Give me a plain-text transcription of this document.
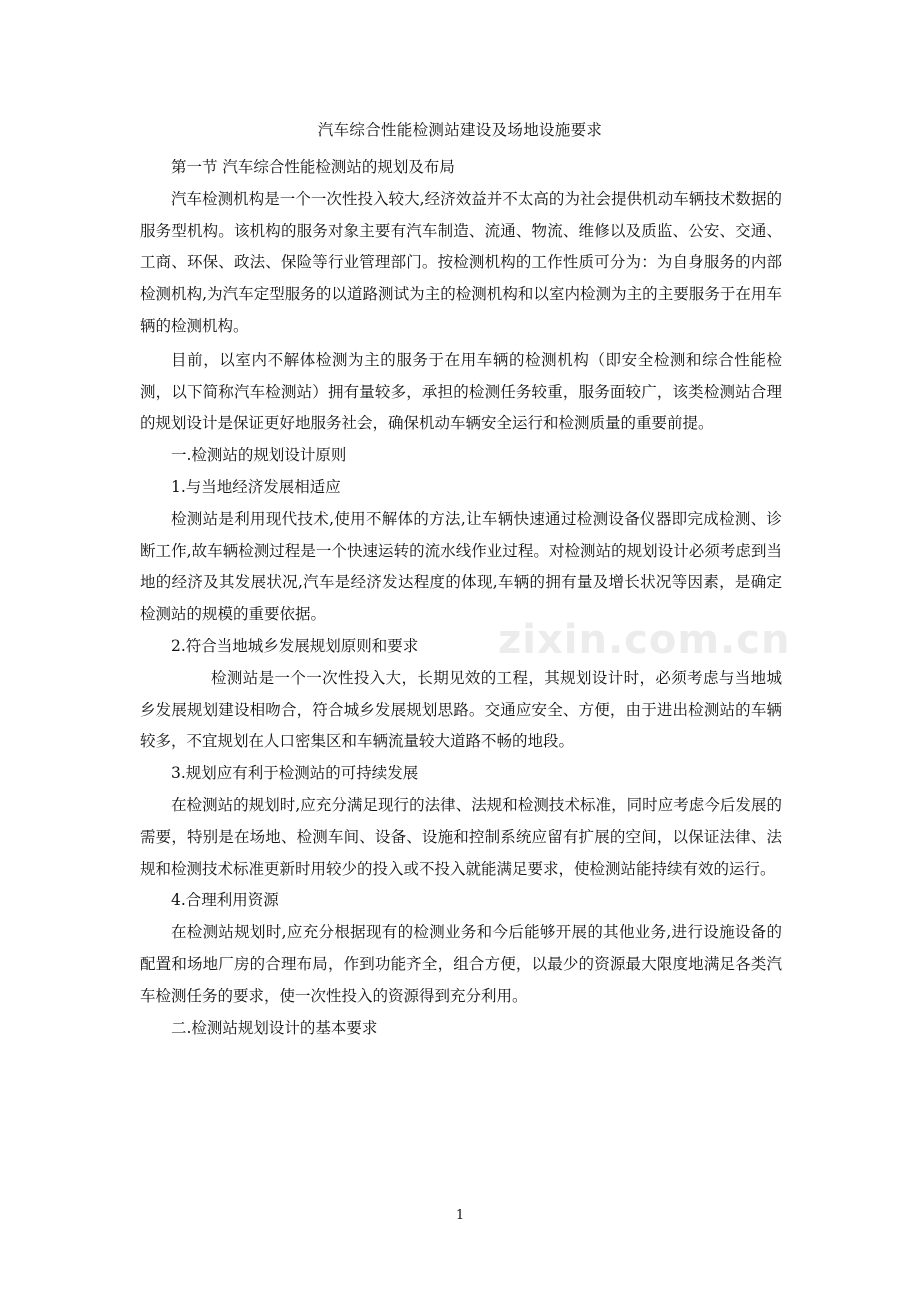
汽车综合性能检测站建设及场地设施要求
第一节 汽车综合性能检测站的规划及布局

汽车检测机构是一个一次性投入较大,经济效益并不太高的为社会提供机动车辆技术数据的服务型机构。该机构的服务对象主要有汽车制造、流通、物流、维修以及质监、公安、交通、工商、环保、政法、保险等行业管理部门。按检测机构的工作性质可分为：为自身服务的内部检测机构,为汽车定型服务的以道路测试为主的检测机构和以室内检测为主的主要服务于在用车辆的检测机构。

目前，以室内不解体检测为主的服务于在用车辆的检测机构（即安全检测和综合性能检测，以下简称汽车检测站）拥有量较多，承担的检测任务较重，服务面较广，该类检测站合理的规划设计是保证更好地服务社会，确保机动车辆安全运行和检测质量的重要前提。

一.检测站的规划设计原则
1.与当地经济发展相适应

检测站是利用现代技术,使用不解体的方法,让车辆快速通过检测设备仪器即完成检测、诊断工作,故车辆检测过程是一个快速运转的流水线作业过程。对检测站的规划设计必须考虑到当地的经济及其发展状况,汽车是经济发达程度的体现,车辆的拥有量及增长状况等因素，是确定检测站的规模的重要依据。

2.符合当地城乡发展规划原则和要求

检测站是一个一次性投入大，长期见效的工程，其规划设计时，必须考虑与当地城乡发展规划建设相吻合，符合城乡发展规划思路。交通应安全、方便，由于进出检测站的车辆较多，不宜规划在人口密集区和车辆流量较大道路不畅的地段。

3.规划应有利于检测站的可持续发展

在检测站的规划时,应充分满足现行的法律、法规和检测技术标准，同时应考虑今后发展的需要，特别是在场地、检测车间、设备、设施和控制系统应留有扩展的空间，以保证法律、法规和检测技术标准更新时用较少的投入或不投入就能满足要求，使检测站能持续有效的运行。

4.合理利用资源

在检测站规划时,应充分根据现有的检测业务和今后能够开展的其他业务,进行设施设备的配置和场地厂房的合理布局，作到功能齐全，组合方便，以最少的资源最大限度地满足各类汽车检测任务的要求，使一次性投入的资源得到充分利用。

二.检测站规划设计的基本要求
zixin.com.cn
1
